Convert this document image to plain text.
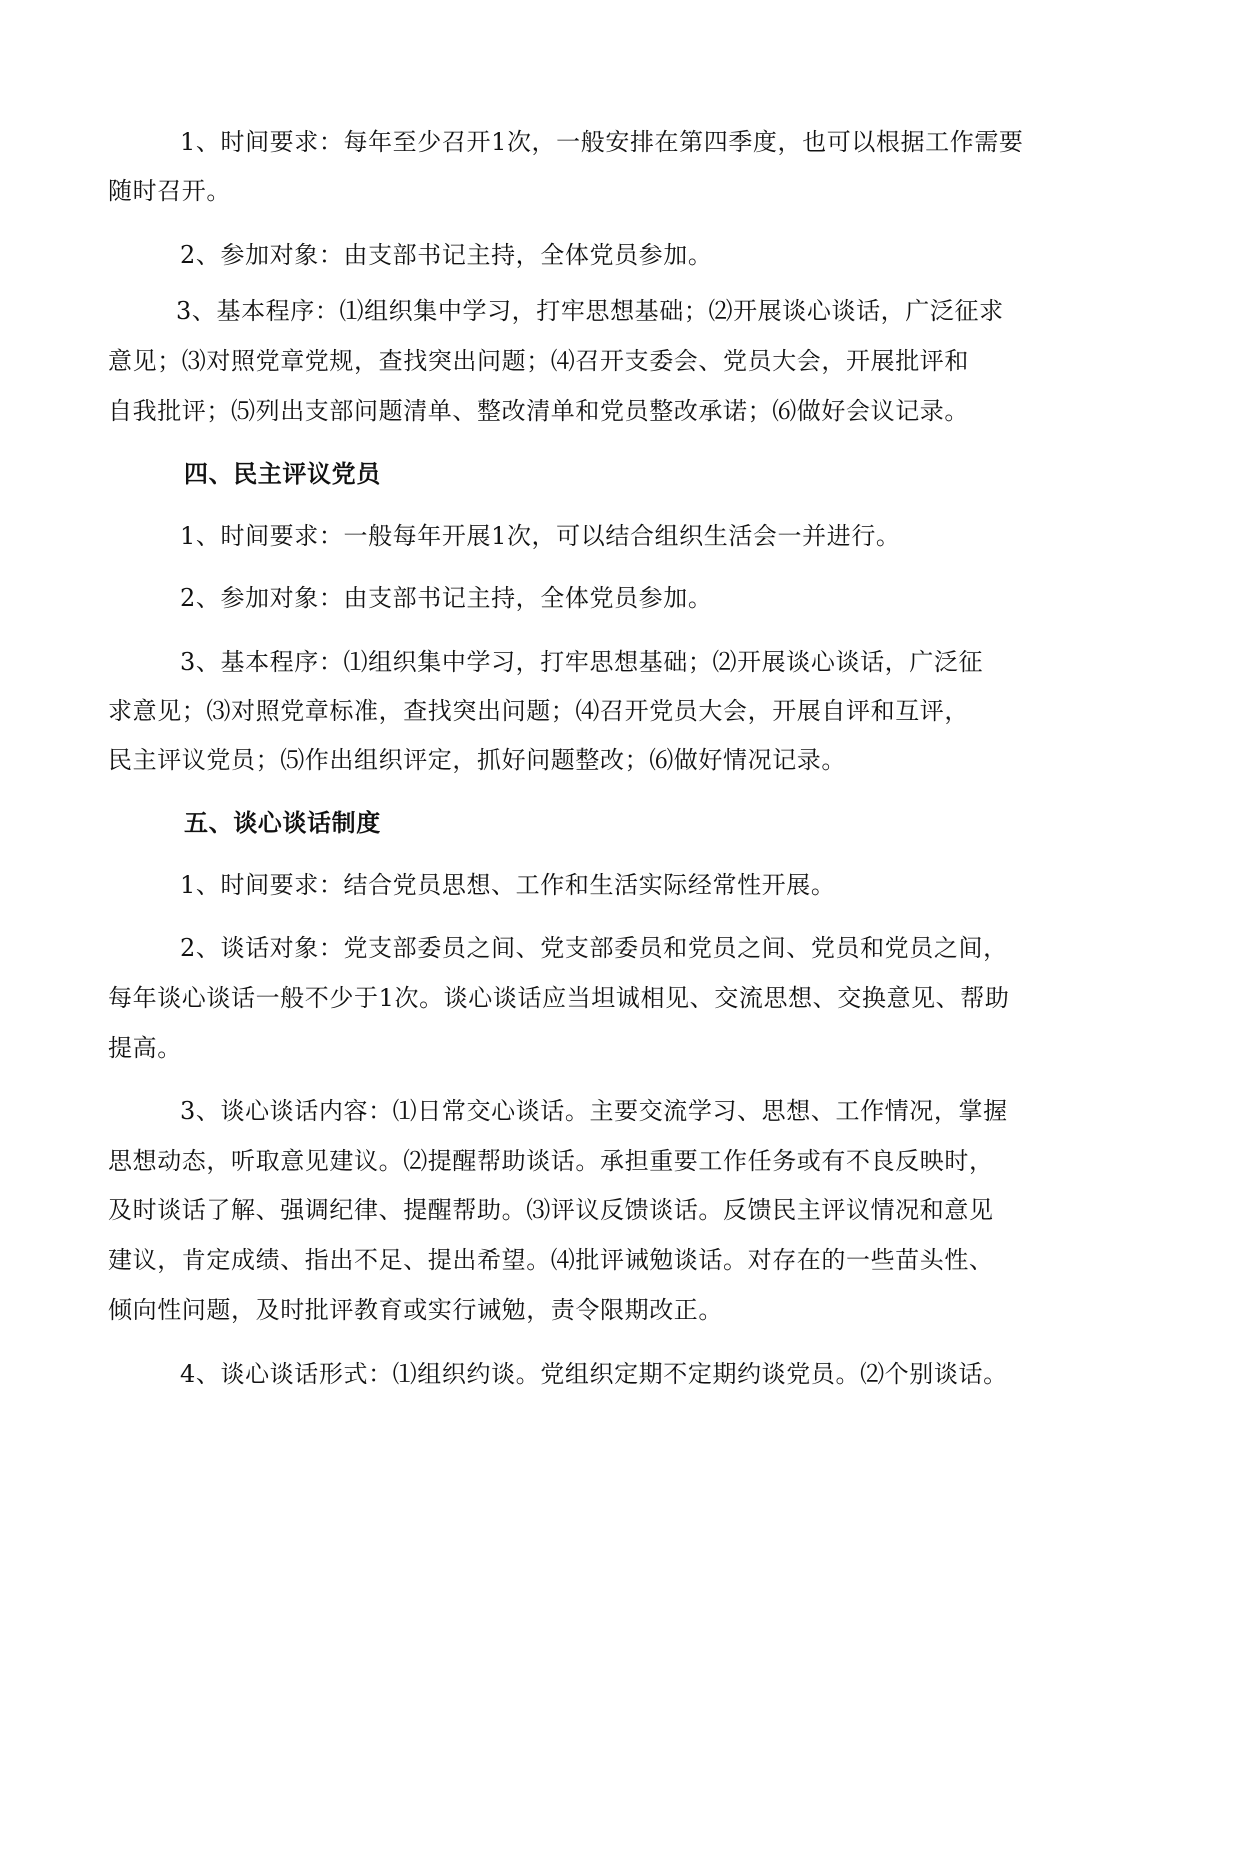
1、时间要求：每年至少召开1次，一般安排在第四季度，也可以根据工作需要

随时召开。

2、参加对象：由支部书记主持，全体党员参加。

3、基本程序：⑴组织集中学习，打牢思想基础；⑵开展谈心谈话，广泛征求

意见；⑶对照党章党规，查找突出问题；⑷召开支委会、党员大会，开展批评和

自我批评；⑸列出支部问题清单、整改清单和党员整改承诺；⑹做好会议记录。

四、民主评议党员

1、时间要求：一般每年开展1次，可以结合组织生活会一并进行。

2、参加对象：由支部书记主持，全体党员参加。

3、基本程序：⑴组织集中学习，打牢思想基础；⑵开展谈心谈话，广泛征

求意见；⑶对照党章标准，查找突出问题；⑷召开党员大会，开展自评和互评，

民主评议党员；⑸作出组织评定，抓好问题整改；⑹做好情况记录。

五、谈心谈话制度

1、时间要求：结合党员思想、工作和生活实际经常性开展。

2、谈话对象：党支部委员之间、党支部委员和党员之间、党员和党员之间，

每年谈心谈话一般不少于1次。谈心谈话应当坦诚相见、交流思想、交换意见、帮助

提高。

3、谈心谈话内容：⑴日常交心谈话。主要交流学习、思想、工作情况，掌握

思想动态，听取意见建议。⑵提醒帮助谈话。承担重要工作任务或有不良反映时，

及时谈话了解、强调纪律、提醒帮助。⑶评议反馈谈话。反馈民主评议情况和意见

建议，肯定成绩、指出不足、提出希望。⑷批评诫勉谈话。对存在的一些苗头性、

倾向性问题，及时批评教育或实行诫勉，责令限期改正。

4、谈心谈话形式：⑴组织约谈。党组织定期不定期约谈党员。⑵个别谈话。
